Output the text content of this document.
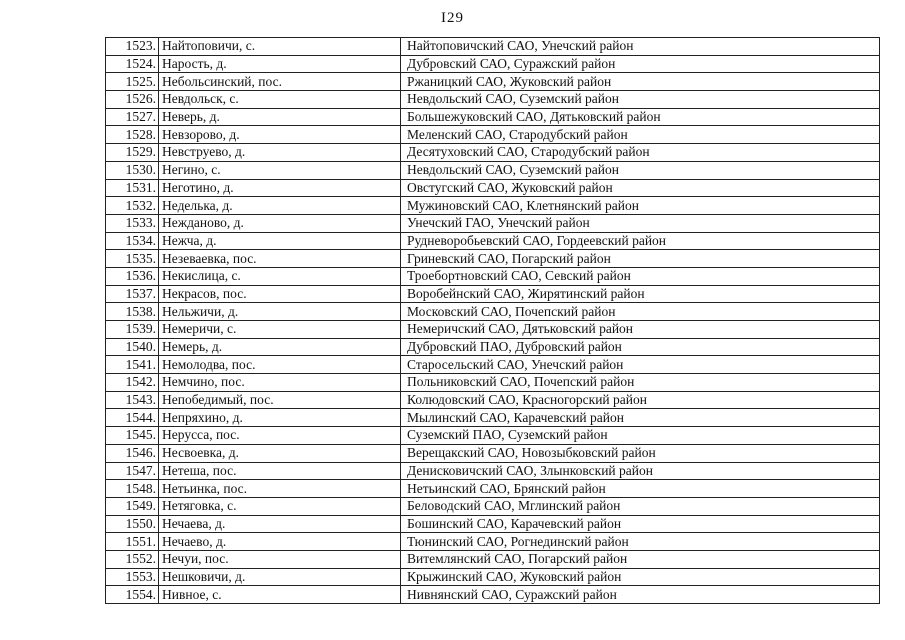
I29
1523.	Найтоповичи, с.	Найтоповичский САО, Унечский район
1524.	Нарость, д.	Дубровский САО, Суражский район
1525.	Небольсинский, пос.	Ржаницкий САО, Жуковский район
1526.	Невдольск, с.	Невдольский САО, Суземский район
1527.	Неверь, д.	Большежуковский САО, Дятьковский район
1528.	Невзорово, д.	Меленский САО, Стародубский район
1529.	Невструево, д.	Десятуховский САО, Стародубский район
1530.	Негино, с.	Невдольский САО, Суземский район
1531.	Неготино, д.	Овстугский САО, Жуковский район
1532.	Неделька, д.	Мужиновский САО, Клетнянский район
1533.	Нежданово, д.	Унечский ГАО, Унечский район
1534.	Нежча, д.	Рудневоробьевский САО, Гордеевский район
1535.	Незеваевка, пос.	Гриневский САО, Погарский район
1536.	Некислица, с.	Троебортновский САО, Севский район
1537.	Некрасов, пос.	Воробейнский САО, Жирятинский район
1538.	Нельжичи, д.	Московский САО, Почепский район
1539.	Немеричи, с.	Немеричский САО, Дятьковский район
1540.	Немерь, д.	Дубровский ПАО, Дубровский район
1541.	Немолодва, пос.	Старосельский САО, Унечский район
1542.	Немчино, пос.	Польниковский САО, Почепский район
1543.	Непобедимый, пос.	Колюдовский САО, Красногорский район
1544.	Непряхино, д.	Мылинский САО, Карачевский район
1545.	Нерусса, пос.	Суземский ПАО, Суземский район
1546.	Несвоевка, д.	Верещакский САО, Новозыбковский район
1547.	Нетеша, пос.	Денисковичский САО, Злынковский район
1548.	Нетьинка, пос.	Нетьинский САО, Брянский район
1549.	Нетяговка, с.	Беловодский САО, Мглинский район
1550.	Нечаева, д.	Бошинский САО, Карачевский район
1551.	Нечаево, д.	Тюнинский САО, Рогнединский район
1552.	Нечуи, пос.	Витемлянский САО, Погарский район
1553.	Нешковичи, д.	Крыжинский САО, Жуковский район
1554.	Нивное, с.	Нивнянский САО, Суражский район
